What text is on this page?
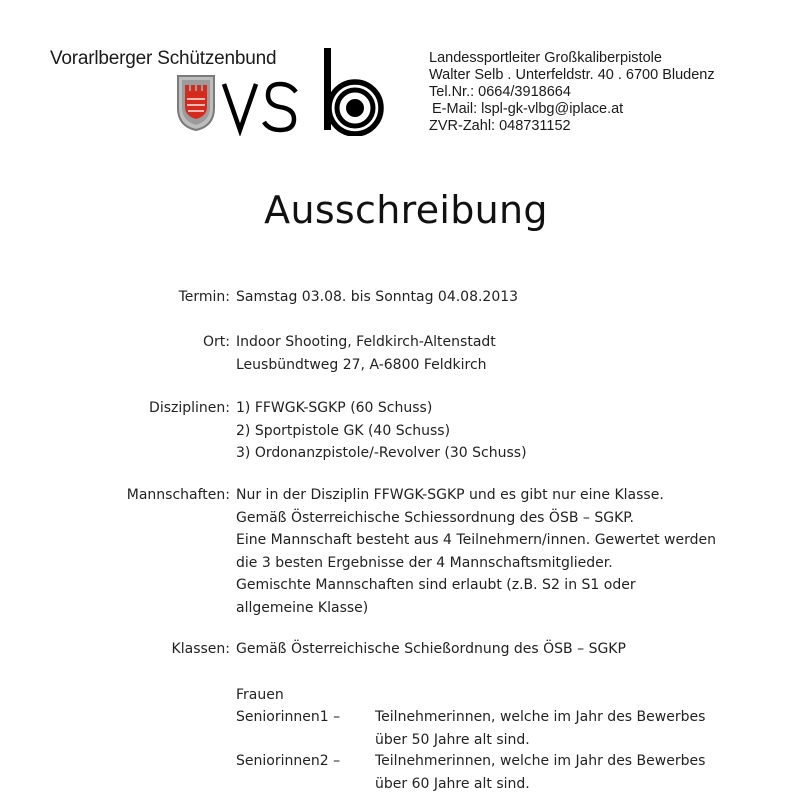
Vorarlberger Schützenbund	Landessportleiter Großkaliberpistole
Walter Selb . Unterfeldstr. 40 . 6700 Bludenz
Tel.Nr.: 0664/3918664
E-Mail: lspl-gk-vlbg@iplace.at
ZVR-Zahl: 048731152
Ausschreibung
Termin: Samstag 03.08. bis Sonntag 04.08.2013
Ort: Indoor Shooting, Feldkirch-Altenstadt
Leusbündtweg 27, A-6800 Feldkirch
Disziplinen: 1) FFWGK-SGKP (60 Schuss)
2) Sportpistole GK (40 Schuss)
3) Ordonanzpistole/-Revolver (30 Schuss)
Mannschaften: Nur in der Disziplin FFWGK-SGKP und es gibt nur eine Klasse.
Gemäß Österreichische Schiessordnung des ÖSB – SGKP.
Eine Mannschaft besteht aus 4 Teilnehmern/innen. Gewertet werden
die 3 besten Ergebnisse der 4 Mannschaftsmitglieder.
Gemischte Mannschaften sind erlaubt (z.B. S2 in S1 oder
allgemeine Klasse)
Klassen: Gemäß Österreichische Schießordnung des ÖSB – SGKP
Frauen
Seniorinnen1 – Teilnehmerinnen, welche im Jahr des Bewerbes
über 50 Jahre alt sind.
Seniorinnen2 – Teilnehmerinnen, welche im Jahr des Bewerbes
über 60 Jahre alt sind.
